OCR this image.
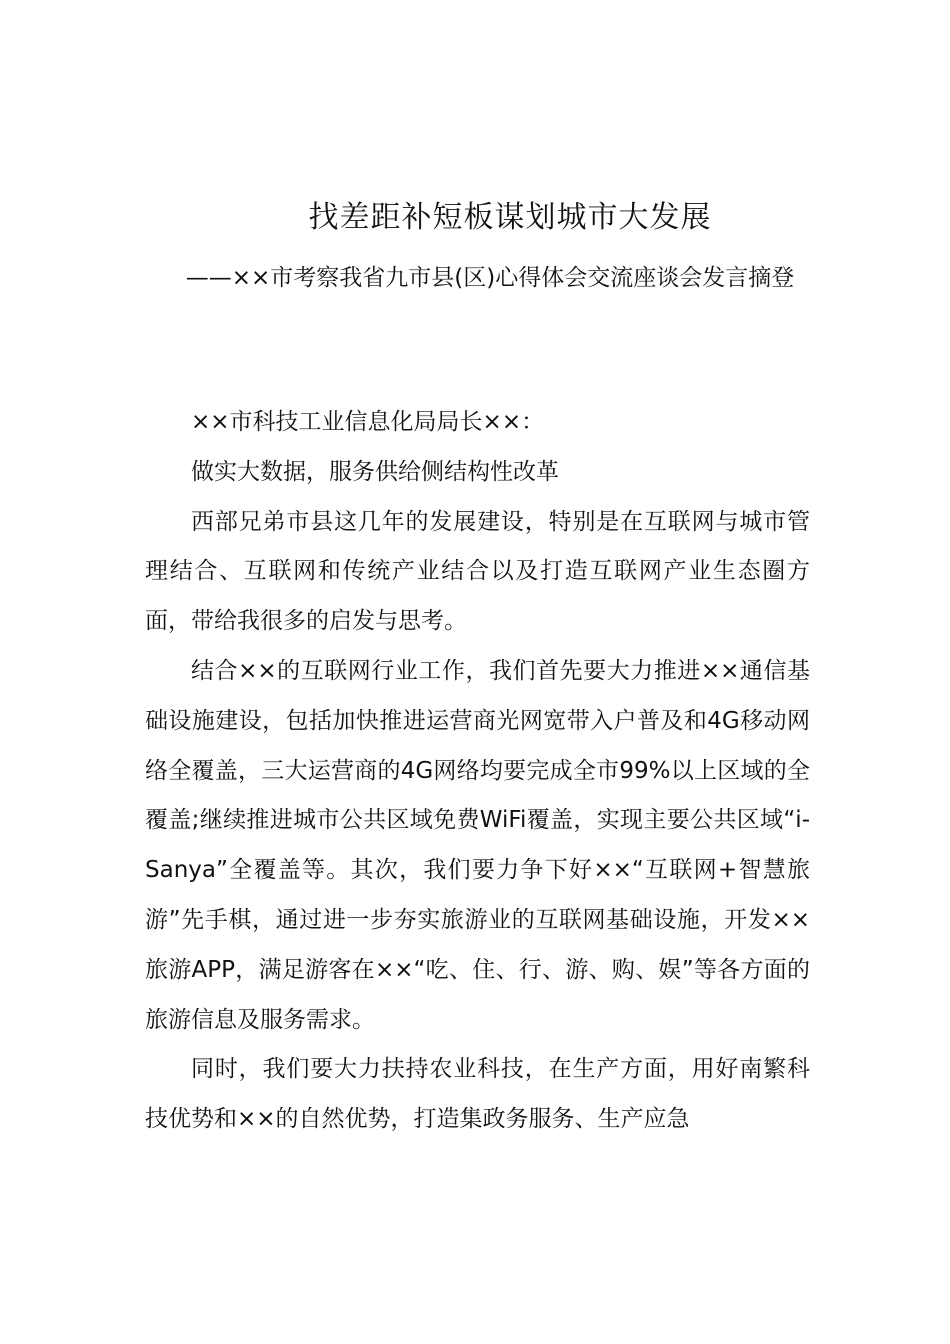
找差距补短板谋划城市大发展
——××市考察我省九市县(区)心得体会交流座谈会发言摘登

××市科技工业信息化局局长××：

做实大数据，服务供给侧结构性改革

西部兄弟市县这几年的发展建设，特别是在互联网与城市管理结合、互联网和传统产业结合以及打造互联网产业生态圈方面，带给我很多的启发与思考。

结合××的互联网行业工作，我们首先要大力推进××通信基础设施建设，包括加快推进运营商光网宽带入户普及和4G移动网络全覆盖，三大运营商的4G网络均要完成全市99%以上区域的全覆盖;继续推进城市公共区域免费WiFi覆盖，实现主要公共区域“i-Sanya”全覆盖等。其次，我们要力争下好××“互联网+智慧旅游”先手棋，通过进一步夯实旅游业的互联网基础设施，开发××旅游APP，满足游客在××“吃、住、行、游、购、娱”等各方面的旅游信息及服务需求。

同时，我们要大力扶持农业科技，在生产方面，用好南繁科技优势和××的自然优势，打造集政务服务、生产应急
